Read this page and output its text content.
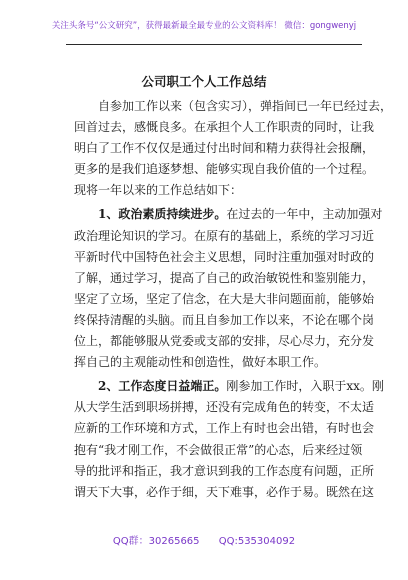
关注头条号“公文研究”，获得最新最全最专业的公文资料库！ 微信：gongwenyj
公司职工个人工作总结
自参加工作以来（包含实习），弹指间已一年已经过去，
回首过去，感慨良多。在承担个人工作职责的同时，让我
明白了工作不仅仅是通过付出时间和精力获得社会报酬，
更多的是我们追逐梦想、能够实现自我价值的一个过程。
现将一年以来的工作总结如下：
1、政治素质持续进步。在过去的一年中，主动加强对
政治理论知识的学习。在原有的基础上，系统的学习习近
平新时代中国特色社会主义思想，同时注重加强对时政的
了解，通过学习，提高了自己的政治敏锐性和鉴别能力，
坚定了立场，坚定了信念，在大是大非问题面前，能够始
终保持清醒的头脑。而且自参加工作以来，不论在哪个岗
位上，都能够服从党委或支部的安排，尽心尽力，充分发
挥自己的主观能动性和创造性，做好本职工作。
2、工作态度日益端正。刚参加工作时，入职于xx。刚
从大学生活到职场拼搏，还没有完成角色的转变，不太适
应新的工作环境和方式，工作上有时也会出错，有时也会
抱有“我才刚工作，不会做很正常”的心态，后来经过领
导的批评和指正，我才意识到我的工作态度有问题，正所
谓天下大事，必作于细，天下难事，必作于易。既然在这
QQ群：30265665 QQ:535304092
